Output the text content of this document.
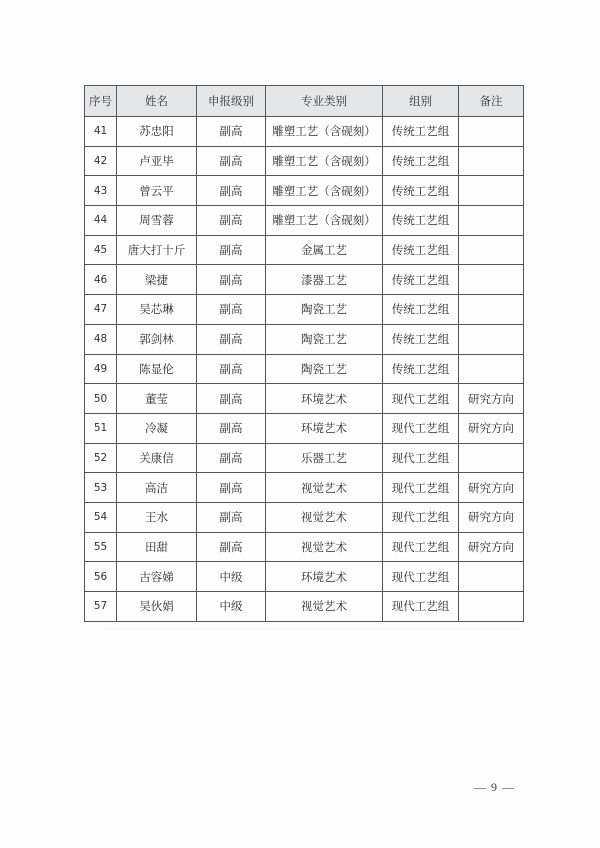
序号	姓名	申报级别	专业类别	组别	备注
41	苏忠阳	副高	雕塑工艺（含砚刻）	传统工艺组	
42	卢亚毕	副高	雕塑工艺（含砚刻）	传统工艺组	
43	曾云平	副高	雕塑工艺（含砚刻）	传统工艺组	
44	周雪蓉	副高	雕塑工艺（含砚刻）	传统工艺组	
45	唐大打十斤	副高	金属工艺	传统工艺组	
46	梁捷	副高	漆器工艺	传统工艺组	
47	吴芯琳	副高	陶瓷工艺	传统工艺组	
48	郭剑林	副高	陶瓷工艺	传统工艺组	
49	陈显伦	副高	陶瓷工艺	传统工艺组	
50	董莹	副高	环境艺术	现代工艺组	研究方向
51	冷凝	副高	环境艺术	现代工艺组	研究方向
52	关康信	副高	乐器工艺	现代工艺组	
53	高洁	副高	视觉艺术	现代工艺组	研究方向
54	王水	副高	视觉艺术	现代工艺组	研究方向
55	田甜	副高	视觉艺术	现代工艺组	研究方向
56	古容娣	中级	环境艺术	现代工艺组	
57	吴伙娟	中级	视觉艺术	现代工艺组	
— 9 —
